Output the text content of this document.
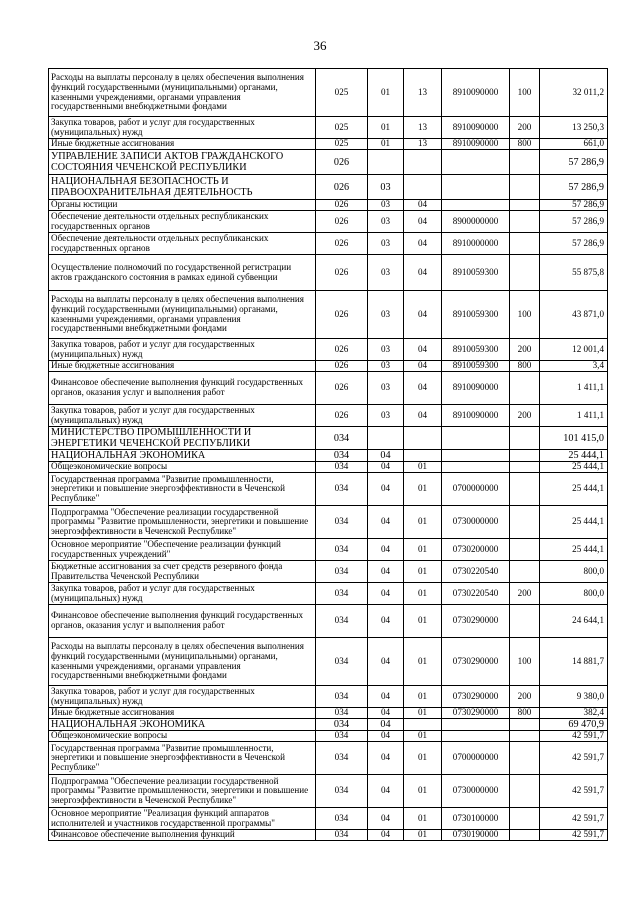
36
Расходы на выплаты персоналу в целях обеспечения выполнения функций государственными (муниципальными) органами, казенными учреждениями, органами управления государственными внебюджетными фондами	025	01	13	8910090000	100	32 011,2
Закупка товаров, работ и услуг для государственных (муниципальных) нужд	025	01	13	8910090000	200	13 250,3
Иные бюджетные ассигнования	025	01	13	8910090000	800	661,0
УПРАВЛЕНИЕ ЗАПИСИ АКТОВ ГРАЖДАНСКОГО СОСТОЯНИЯ ЧЕЧЕНСКОЙ РЕСПУБЛИКИ	026					57 286,9
НАЦИОНАЛЬНАЯ БЕЗОПАСНОСТЬ И ПРАВООХРАНИТЕЛЬНАЯ ДЕЯТЕЛЬНОСТЬ	026	03				57 286,9
Органы юстиции	026	03	04			57 286,9
Обеспечение деятельности отдельных республиканских государственных органов	026	03	04	8900000000		57 286,9
Обеспечение деятельности отдельных республиканских государственных органов	026	03	04	8910000000		57 286,9
Осуществление полномочий по государственной регистрации актов гражданского состояния в рамках единой субвенции	026	03	04	8910059300		55 875,8
Расходы на выплаты персоналу в целях обеспечения выполнения функций государственными (муниципальными) органами, казенными учреждениями, органами управления государственными внебюджетными фондами	026	03	04	8910059300	100	43 871,0
Закупка товаров, работ и услуг для государственных (муниципальных) нужд	026	03	04	8910059300	200	12 001,4
Иные бюджетные ассигнования	026	03	04	8910059300	800	3,4
Финансовое обеспечение выполнения функций государственных органов, оказания услуг и выполнения работ	026	03	04	8910090000		1 411,1
Закупка товаров, работ и услуг для государственных (муниципальных) нужд	026	03	04	8910090000	200	1 411,1
МИНИСТЕРСТВО ПРОМЫШЛЕННОСТИ И ЭНЕРГЕТИКИ ЧЕЧЕНСКОЙ РЕСПУБЛИКИ	034					101 415,0
НАЦИОНАЛЬНАЯ ЭКОНОМИКА	034	04				25 444,1
Общеэкономические вопросы	034	04	01			25 444,1
Государственная программа "Развитие промышленности, энергетики и повышение энергоэффективности в Чеченской Республике"	034	04	01	0700000000		25 444,1
Подпрограмма "Обеспечение реализации государственной программы "Развитие промышленности, энергетики и повышение энергоэффективности в Чеченской Республике"	034	04	01	0730000000		25 444,1
Основное мероприятие "Обеспечение реализации функций государственных учреждений"	034	04	01	0730200000		25 444,1
Бюджетные ассигнования за счет средств резервного фонда Правительства Чеченской Республики	034	04	01	0730220540		800,0
Закупка товаров, работ и услуг для государственных (муниципальных) нужд	034	04	01	0730220540	200	800,0
Финансовое обеспечение выполнения функций государственных органов, оказания услуг и выполнения работ	034	04	01	0730290000		24 644,1
Расходы на выплаты персоналу в целях обеспечения выполнения функций государственными (муниципальными) органами, казенными учреждениями, органами управления государственными внебюджетными фондами	034	04	01	0730290000	100	14 881,7
Закупка товаров, работ и услуг для государственных (муниципальных) нужд	034	04	01	0730290000	200	9 380,0
Иные бюджетные ассигнования	034	04	01	0730290000	800	382,4
НАЦИОНАЛЬНАЯ ЭКОНОМИКА	034	04				69 470,9
Общеэкономические вопросы	034	04	01			42 591,7
Государственная программа "Развитие промышленности, энергетики и повышение энергоэффективности в Чеченской Республике"	034	04	01	0700000000		42 591,7
Подпрограмма "Обеспечение реализации государственной программы "Развитие промышленности, энергетики и повышение энергоэффективности в Чеченской Республике"	034	04	01	0730000000		42 591,7
Основное мероприятие "Реализация функций аппаратов исполнителей и участников государственной программы"	034	04	01	0730100000		42 591,7
Финансовое обеспечение выполнения функций	034	04	01	0730190000		42 591,7
